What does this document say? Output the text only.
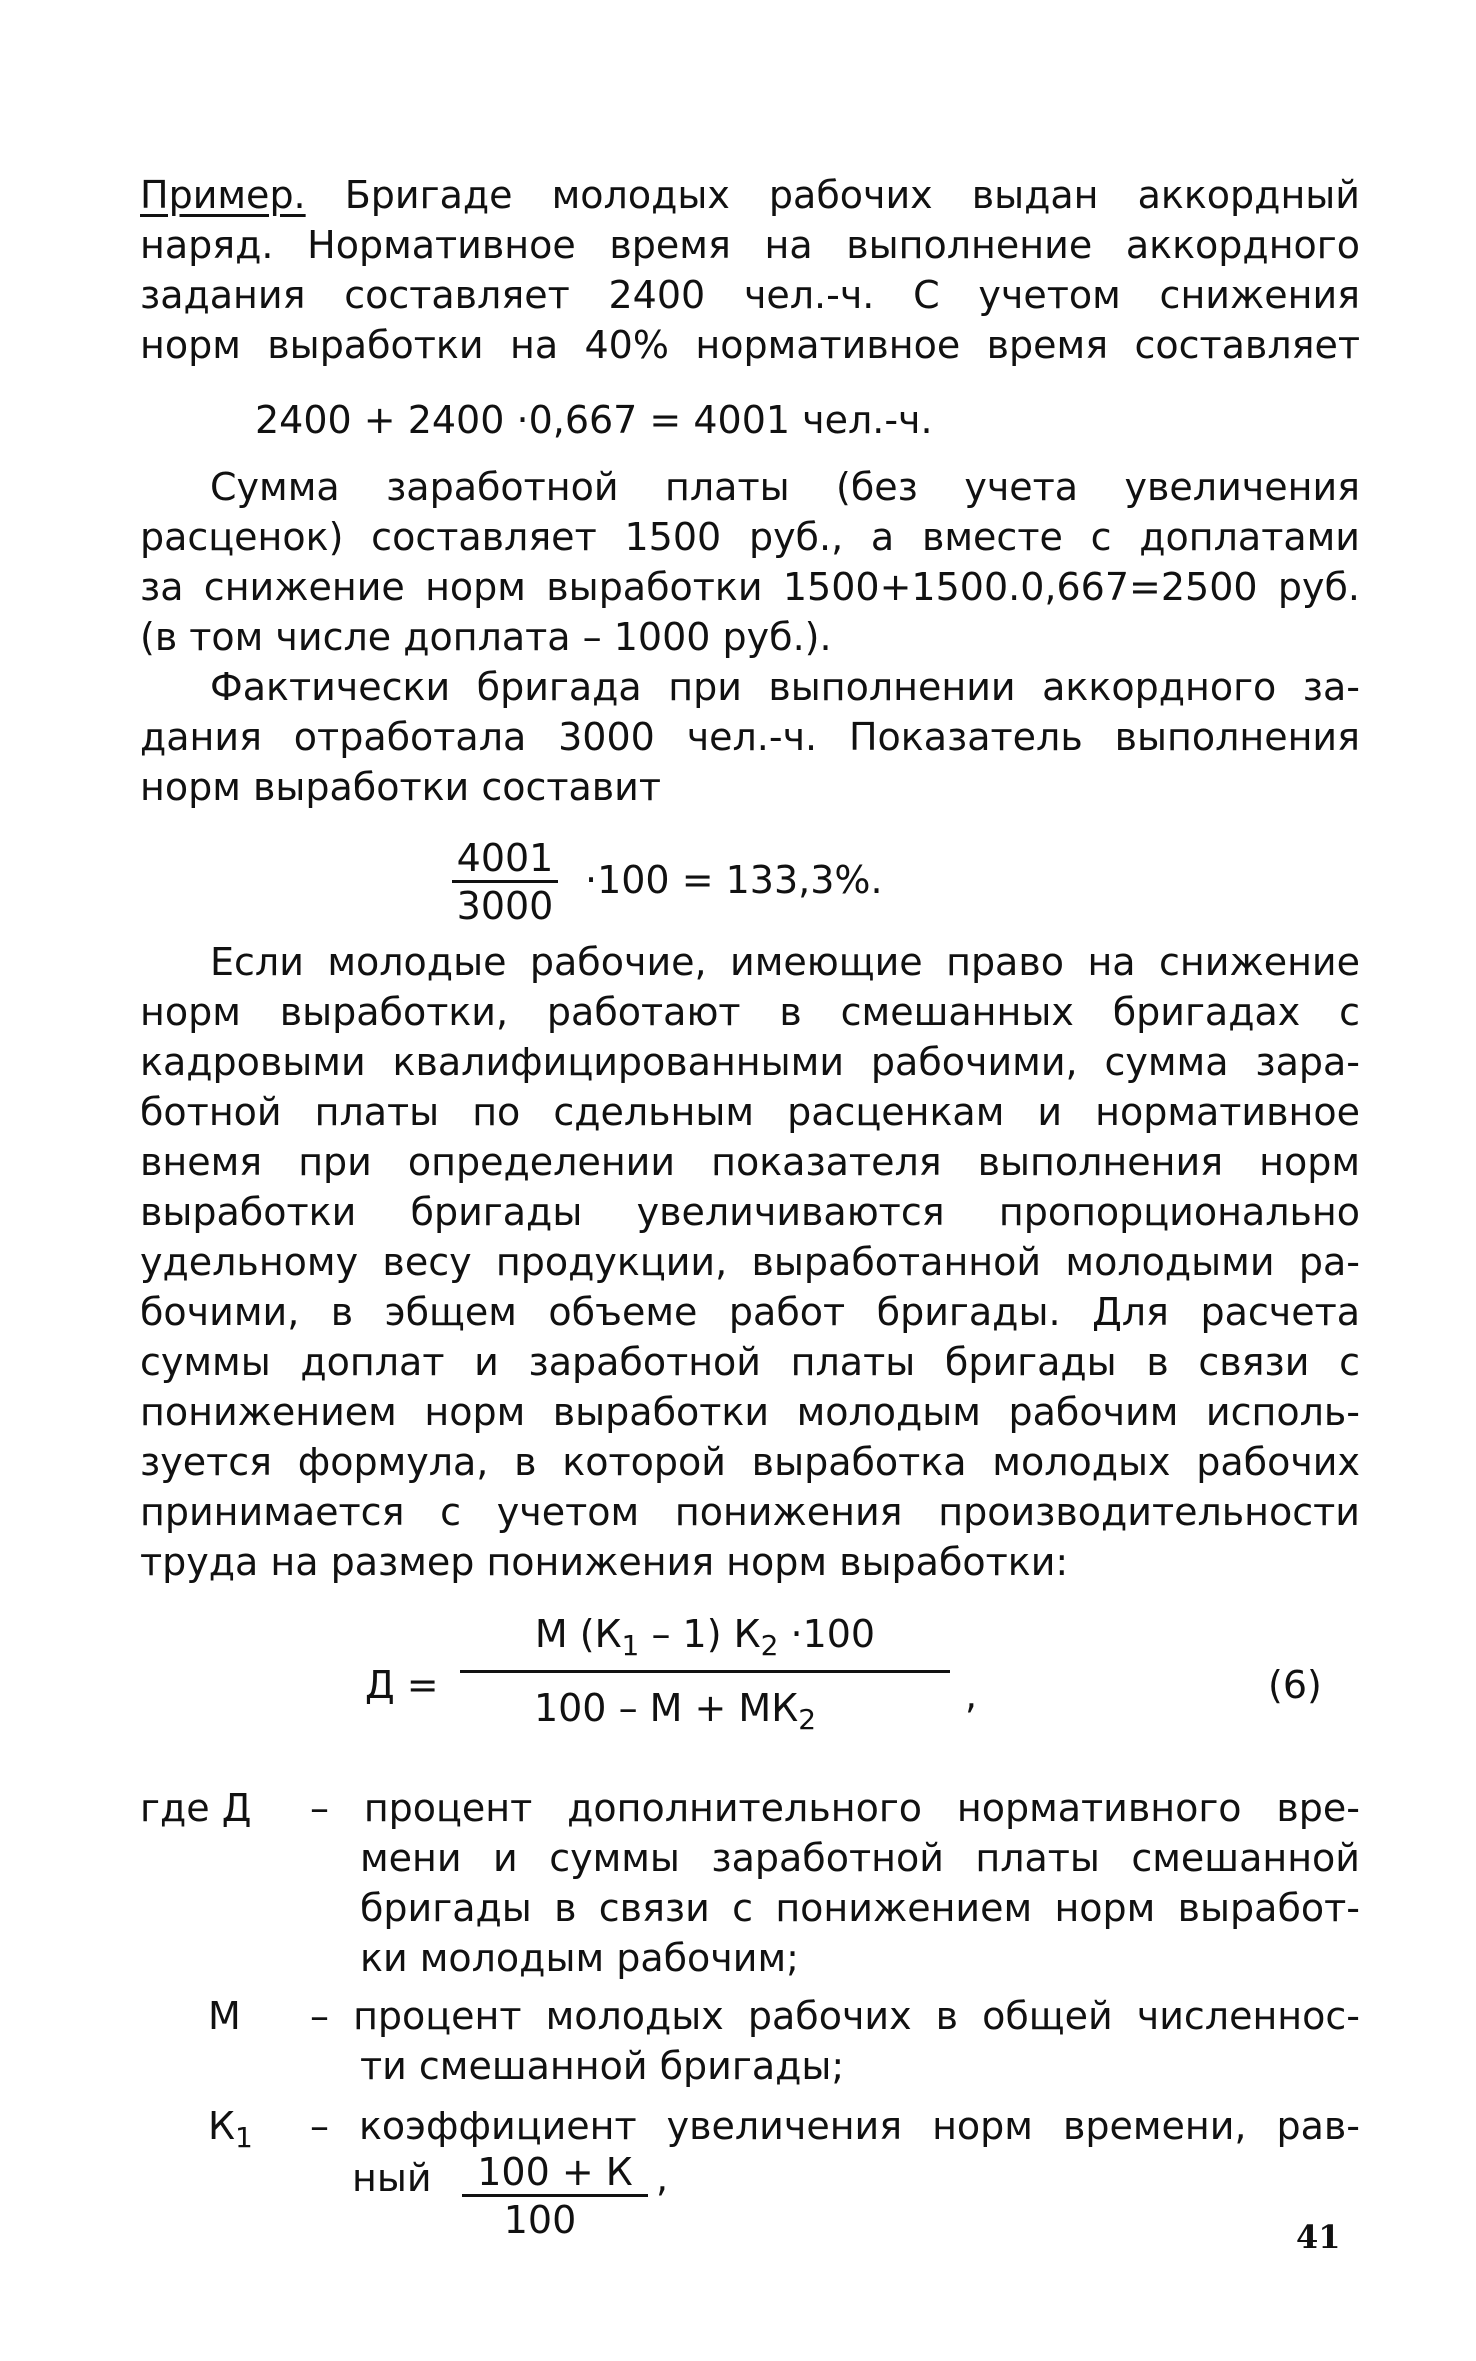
Пример. Бригаде молодых рабочих выдан аккордный
наряд. Нормативное время на выполнение аккордного
задания составляет 2400 чел.-ч. С учетом снижения
норм выработки на 40% нормативное время составляет
2400 + 2400 ·0,667 = 4001 чел.-ч.
Сумма заработной платы (без учета увеличения
расценок) составляет 1500 руб., а вместе с доплатами
за снижение норм выработки 1500+1500.0,667=2500 руб.
(в том числе доплата – 1000 руб.).
Фактически бригада при выполнении аккордного за-
дания отработала 3000 чел.-ч. Показатель выполнения
норм выработки составит
4001
3000
·100 = 133,3%.
Если молодые рабочие, имеющие право на снижение
норм выработки, работают в смешанных бригадах с
кадровыми квалифицированными рабочими, сумма зара-
ботной платы по сдельным расценкам и нормативное
внемя при определении показателя выполнения норм
выработки бригады увеличиваются пропорционально
удельному весу продукции, выработанной молодыми ра-
бочими, в эбщем объеме работ бригады. Для расчета
суммы доплат и заработной платы бригады в связи с
понижением норм выработки молодым рабочим исполь-
зуется формула, в которой выработка молодых рабочих
принимается с учетом понижения производительности
труда на размер понижения норм выработки:
Д =
М $(К_1 - 1)$ $К_2 \cdot 100$
$100 - М + МК_2$
,	(6)
где Д – процент дополнительного нормативного вре-
мени и суммы заработной платы смешанной
бригады в связи с понижением норм выработ-
ки молодым рабочим;
М – процент молодых рабочих в общей численнос-
ти смешанной бригады;
$К_1$ – коэффициент увеличения норм времени, рав-
ный	100 + К
100
,
41
